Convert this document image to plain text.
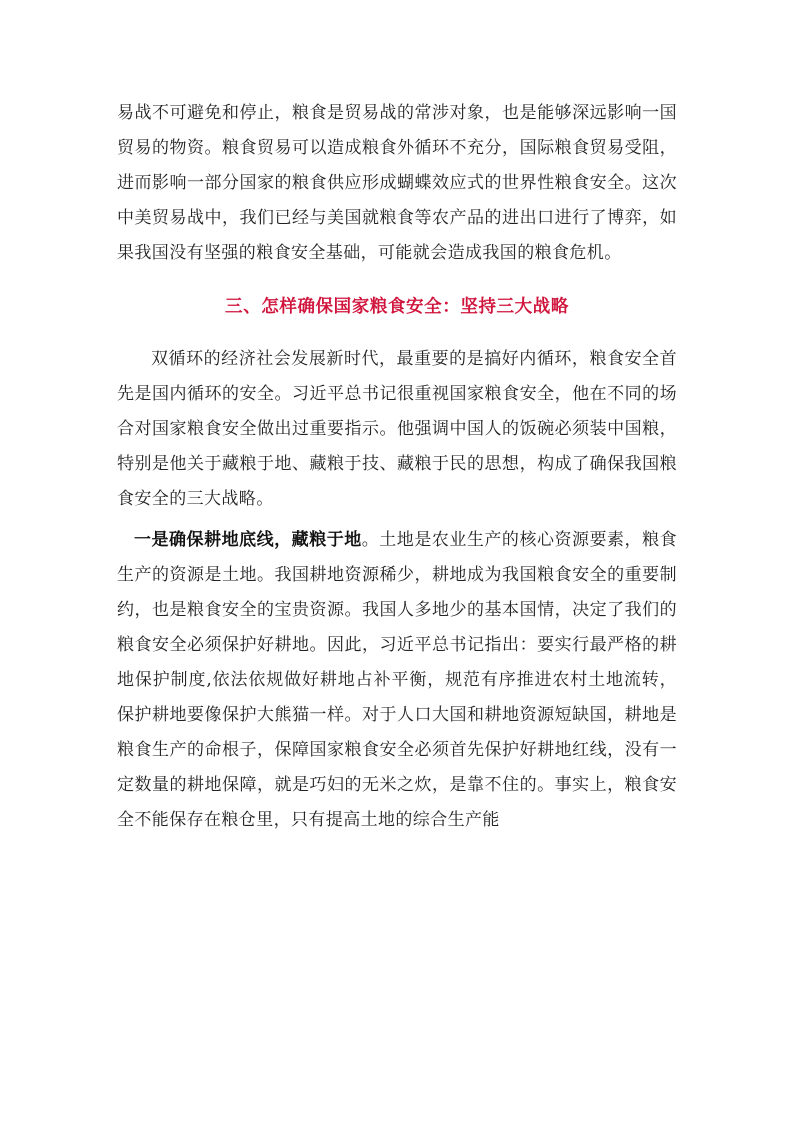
易战不可避免和停止，粮食是贸易战的常涉对象，也是能够深远影响一国贸易的物资。粮食贸易可以造成粮食外循环不充分，国际粮食贸易受阻，进而影响一部分国家的粮食供应形成蝴蝶效应式的世界性粮食安全。这次中美贸易战中，我们已经与美国就粮食等农产品的进出口进行了博弈，如果我国没有坚强的粮食安全基础，可能就会造成我国的粮食危机。

三、怎样确保国家粮食安全：坚持三大战略

双循环的经济社会发展新时代，最重要的是搞好内循环，粮食安全首先是国内循环的安全。习近平总书记很重视国家粮食安全，他在不同的场合对国家粮食安全做出过重要指示。他强调中国人的饭碗必须装中国粮，特别是他关于藏粮于地、藏粮于技、藏粮于民的思想，构成了确保我国粮食安全的三大战略。

一是确保耕地底线，藏粮于地。土地是农业生产的核心资源要素，粮食生产的资源是土地。我国耕地资源稀少，耕地成为我国粮食安全的重要制约，也是粮食安全的宝贵资源。我国人多地少的基本国情，决定了我们的粮食安全必须保护好耕地。因此，习近平总书记指出：要实行最严格的耕地保护制度,依法依规做好耕地占补平衡，规范有序推进农村土地流转，保护耕地要像保护大熊猫一样。对于人口大国和耕地资源短缺国，耕地是粮食生产的命根子，保障国家粮食安全必须首先保护好耕地红线，没有一定数量的耕地保障，就是巧妇的无米之炊，是靠不住的。事实上，粮食安全不能保存在粮仓里，只有提高土地的综合生产能
